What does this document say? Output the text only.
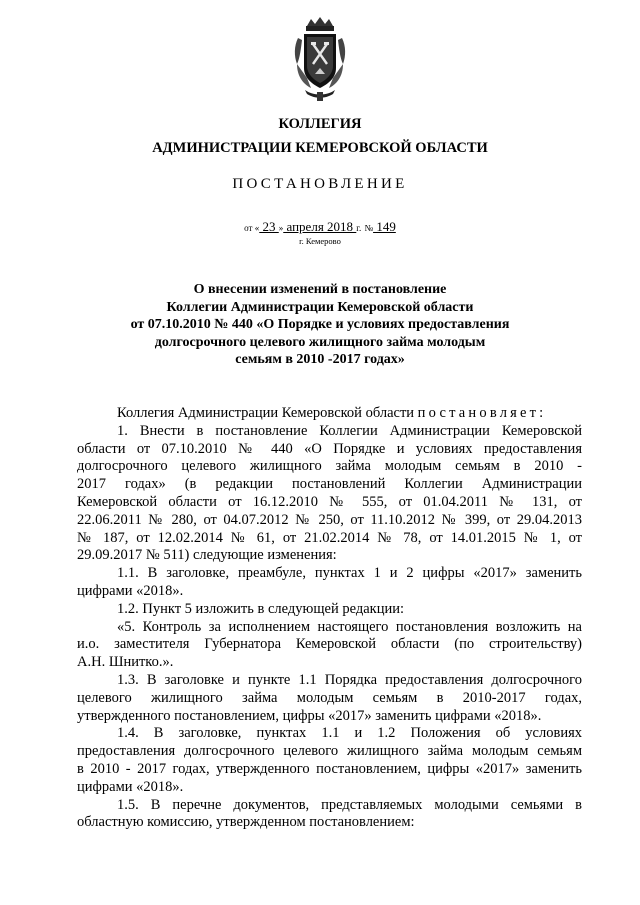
КОЛЛЕГИЯ
АДМИНИСТРАЦИИ КЕМЕРОВСКОЙ ОБЛАСТИ
ПОСТАНОВЛЕНИЕ
от « 23 » апреля 2018 г. № 149
г. Кемерово
О внесении изменений в постановление
Коллегии Администрации Кемеровской области
от 07.10.2010 № 440 «О Порядке и условиях предоставления
долгосрочного целевого жилищного займа молодым
семьям в 2010 -2017 годах»
Коллегия Администрации Кемеровской области постановляет:
1. Внести в постановление Коллегии Администрации Кемеровской
области от 07.10.2010 № 440 «О Порядке и условиях предоставления
долгосрочного целевого жилищного займа молодым семьям в 2010 -
2017 годах» (в редакции постановлений Коллегии Администрации
Кемеровской области от 16.12.2010 № 555, от 01.04.2011 № 131, от
22.06.2011 № 280, от 04.07.2012 № 250, от 11.10.2012 № 399, от 29.04.2013
№ 187, от 12.02.2014 № 61, от 21.02.2014 № 78, от 14.01.2015 № 1, от
29.09.2017 № 511) следующие изменения:
1.1. В заголовке, преамбуле, пунктах 1 и 2 цифры «2017» заменить
цифрами «2018».
1.2. Пункт 5 изложить в следующей редакции:
«5. Контроль за исполнением настоящего постановления возложить на
и.о. заместителя Губернатора Кемеровской области (по строительству)
А.Н. Шнитко.».
1.3. В заголовке и пункте 1.1 Порядка предоставления долгосрочного
целевого жилищного займа молодым семьям в 2010-2017 годах,
утвержденного постановлением, цифры «2017» заменить цифрами «2018».
1.4. В заголовке, пунктах 1.1 и 1.2 Положения об условиях
предоставления долгосрочного целевого жилищного займа молодым семьям
в 2010 - 2017 годах, утвержденного постановлением, цифры «2017» заменить
цифрами «2018».
1.5. В перечне документов, представляемых молодыми семьями в
областную комиссию, утвержденном постановлением:
